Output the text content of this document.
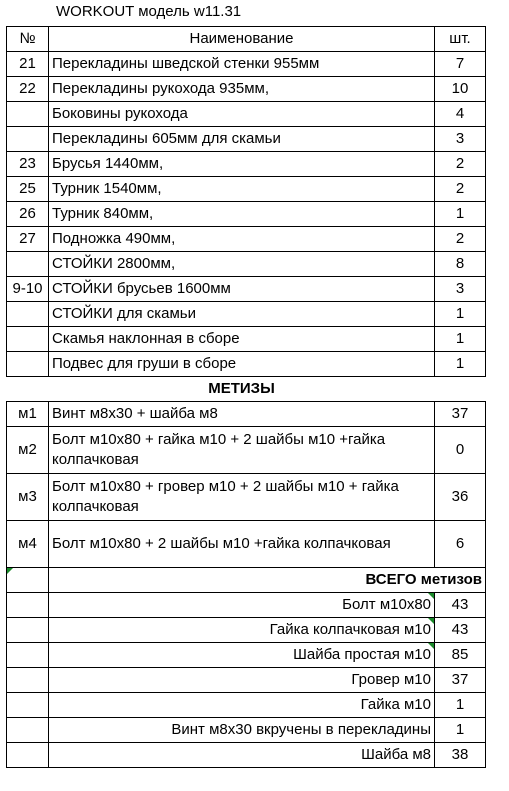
WORKOUT модель w11.31
№	Наименование	шт.
21	Перекладины шведской стенки 955мм	7
22	Перекладины рукохода 935мм,	10
	Боковины рукохода	4
	Перекладины 605мм для скамьи	3
23	Брусья 1440мм,	2
25	Турник 1540мм,	2
26	Турник 840мм,	1
27	Подножка 490мм,	2
	СТОЙКИ 2800мм,	8
9-10	СТОЙКИ брусьев 1600мм	3
	СТОЙКИ для скамьи	1
	Скамья наклонная в сборе	1
	Подвес для груши в сборе	1
	МЕТИЗЫ	
м1	Винт м8х30 + шайба м8	37
м2	Болт м10х80 + гайка м10 + 2 шайбы м10 +гайка колпачковая	0
м3	Болт м10х80 + гровер м10 + 2 шайбы м10 + гайка колпачковая	36
м4	Болт м10х80 + 2 шайбы м10 +гайка колпачковая	6
	ВСЕГО метизов	
	Болт м10х80	43
	Гайка колпачковая м10	43
	Шайба простая м10	85
	Гровер м10	37
	Гайка м10	1
	Винт м8х30 вкручены в перекладины	1
	Шайба м8	38
